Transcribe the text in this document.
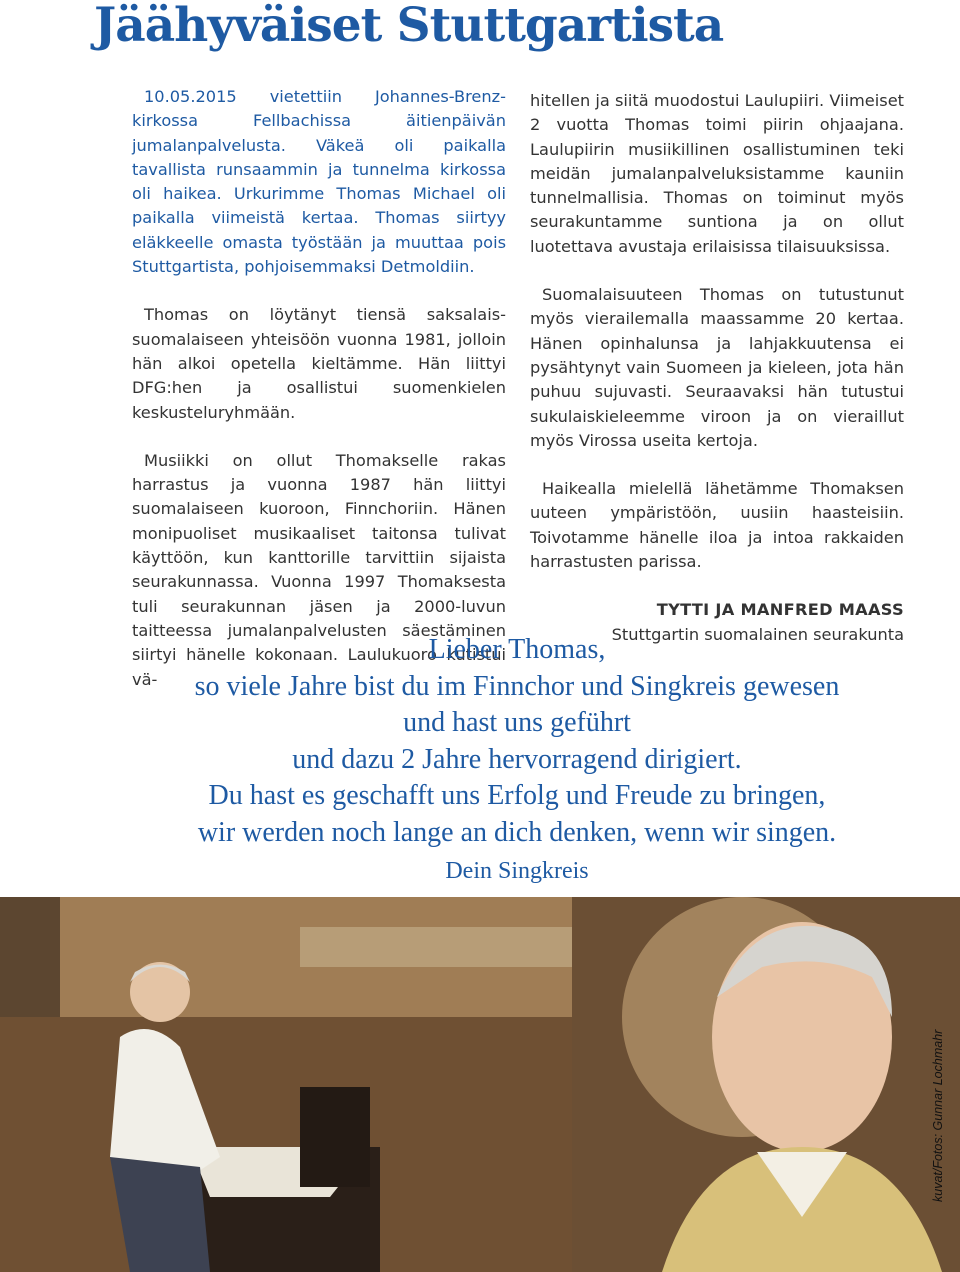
Jäähyväiset Stuttgartista

10.05.2015 vietettiin Johannes-Brenz-kirkossa Fellbachissa äitienpäivän jumalanpalvelusta. Väkeä oli paikalla tavallista runsaammin ja tunnelma kirkossa oli haikea. Urkurimme Thomas Michael oli paikalla viimeistä kertaa. Thomas siirtyy eläkkeelle omasta työstään ja muuttaa pois Stuttgartista, pohjoisemmaksi Detmoldiin.

Thomas on löytänyt tiensä saksalais-suomalaiseen yhteisöön vuonna 1981, jolloin hän alkoi opetella kieltämme. Hän liittyi DFG:hen ja osallistui suomenkielen keskusteluryhmään.

Musiikki on ollut Thomakselle rakas harrastus ja vuonna 1987 hän liittyi suomalaiseen kuoroon, Finnchoriin. Hänen monipuoliset musikaaliset taitonsa tulivat käyttöön, kun kanttorille tarvittiin sijaista seurakunnassa. Vuonna 1997 Thomaksesta tuli seurakunnan jäsen ja 2000-luvun taitteessa jumalanpalvelusten säestäminen siirtyi hänelle kokonaan. Laulukuoro kutistui vä-

hitellen ja siitä muodostui Laulupiiri. Viimeiset 2 vuotta Thomas toimi piirin ohjaajana. Laulupiirin musiikillinen osallistuminen teki meidän jumalanpalveluksistamme kauniin tunnelmallisia. Thomas on toiminut myös seurakuntamme suntiona ja on ollut luotettava avustaja erilaisissa tilaisuuksissa.

Suomalaisuuteen Thomas on tutustunut myös vierailemalla maassamme 20 kertaa. Hänen opinhalunsa ja lahjakkuutensa ei pysähtynyt vain Suomeen ja kieleen, jota hän puhuu sujuvasti. Seuraavaksi hän tutustui sukulaiskieleemme viroon ja on vieraillut myös Virossa useita kertoja.

Haikealla mielellä lähetämme Thomaksen uuteen ympäristöön, uusiin haasteisiin. Toivotamme hänelle iloa ja intoa rakkaiden harrastusten parissa.

TYTTI JA MANFRED MAASS
Stuttgartin suomalainen seurakunta
Lieber Thomas,
so viele Jahre bist du im Finnchor und Singkreis gewesen
und hast uns geführt
und dazu 2 Jahre hervorragend dirigiert.
Du hast es geschafft uns Erfolg und Freude zu bringen,
wir werden noch lange an dich denken, wenn wir singen.
Dein Singkreis
kuvat/Fotos: Gunnar Lochmahr
